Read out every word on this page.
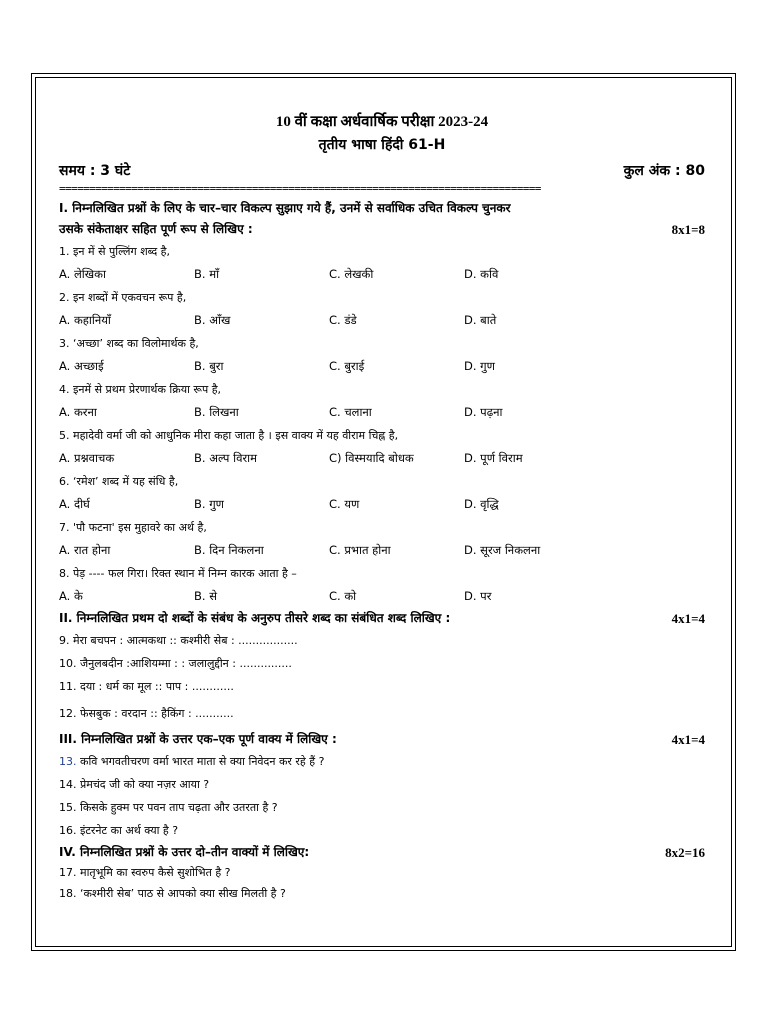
10 वीं कक्षा अर्धवार्षिक परीक्षा 2023-24
तृतीय भाषा हिंदी 61-H
समय : 3 घंटे	कुल अंक : 80
================================================================================
I. निम्नलिखित प्रश्नों के लिए के चार–चार विकल्प सुझाए गये हैं, उनमें से सर्वाधिक उचित विकल्प चुनकर
उसके संकेताक्षर सहित पूर्ण रूप से लिखिए :	8x1=8
1. इन में से पुल्लिंग शब्द है,
A. लेखिका	B. माँ	C. लेखकी	D. कवि
2. इन शब्दों में एकवचन रूप है,
A. कहानियाँ	B. आँख	C. डंडे	D. बाते
3. ‘अच्छा’ शब्द का विलोमार्थक है,
A. अच्छाई	B. बुरा	C. बुराई	D. गुण
4. इनमें से प्रथम प्रेरणार्थक क्रिया रूप है,
A. करना	B. लिखना	C. चलाना	D. पढ़ना
5. महादेवी वर्मा जी को आधुनिक मीरा कहा जाता है । इस वाक्य में यह वीराम चिह्न है,
A. प्रश्नवाचक	B. अल्प विराम	C) विस्मयादि बोधक	D. पूर्ण विराम
6. ‘रमेश’ शब्द में यह संधि है,
A. दीर्घ	B. गुण	C. यण	D. वृद्धि
7. 'पौ फटना' इस मुहावरे का अर्थ है,
A. रात होना	B. दिन निकलना	C. प्रभात होना	D. सूरज निकलना
8. पेड़ ---- फल गिरा। रिक्त स्थान में निम्न कारक आता है –
A. के	B. से	C. को	D. पर
II. निम्नलिखित प्रथम दो शब्दों के संबंध के अनुरुप तीसरे शब्द का संबंधित शब्द लिखिए :	4x1=4
9. मेरा बचपन : आत्मकथा :: कश्मीरी सेब : .................
10. जैनुलबदीन :आशियम्मा : : जलालुद्दीन : ...............
11. दया : धर्म का मूल :: पाप : ............
12. फेसबुक : वरदान :: हैकिंग : ...........
III. निम्नलिखित प्रश्नों के उत्तर एक–एक पूर्ण वाक्य में लिखिए :	4x1=4
13. कवि भगवतीचरण वर्मा भारत माता से क्या निवेदन कर रहे हैं ?
14. प्रेमचंद जी को क्या नज़र आया ?
15. किसके हुक्म पर पवन ताप चढ़ता और उतरता है ?
16. इंटरनेट का अर्थ क्या है ?
IV. निम्नलिखित प्रश्नों के उत्तर दो–तीन वाक्यों में लिखिए:	8x2=16
17. मातृभूमि का स्वरुप कैसे सुशोभित है ?
18. ‘कश्मीरी सेब’ पाठ से आपको क्या सीख मिलती है ?
